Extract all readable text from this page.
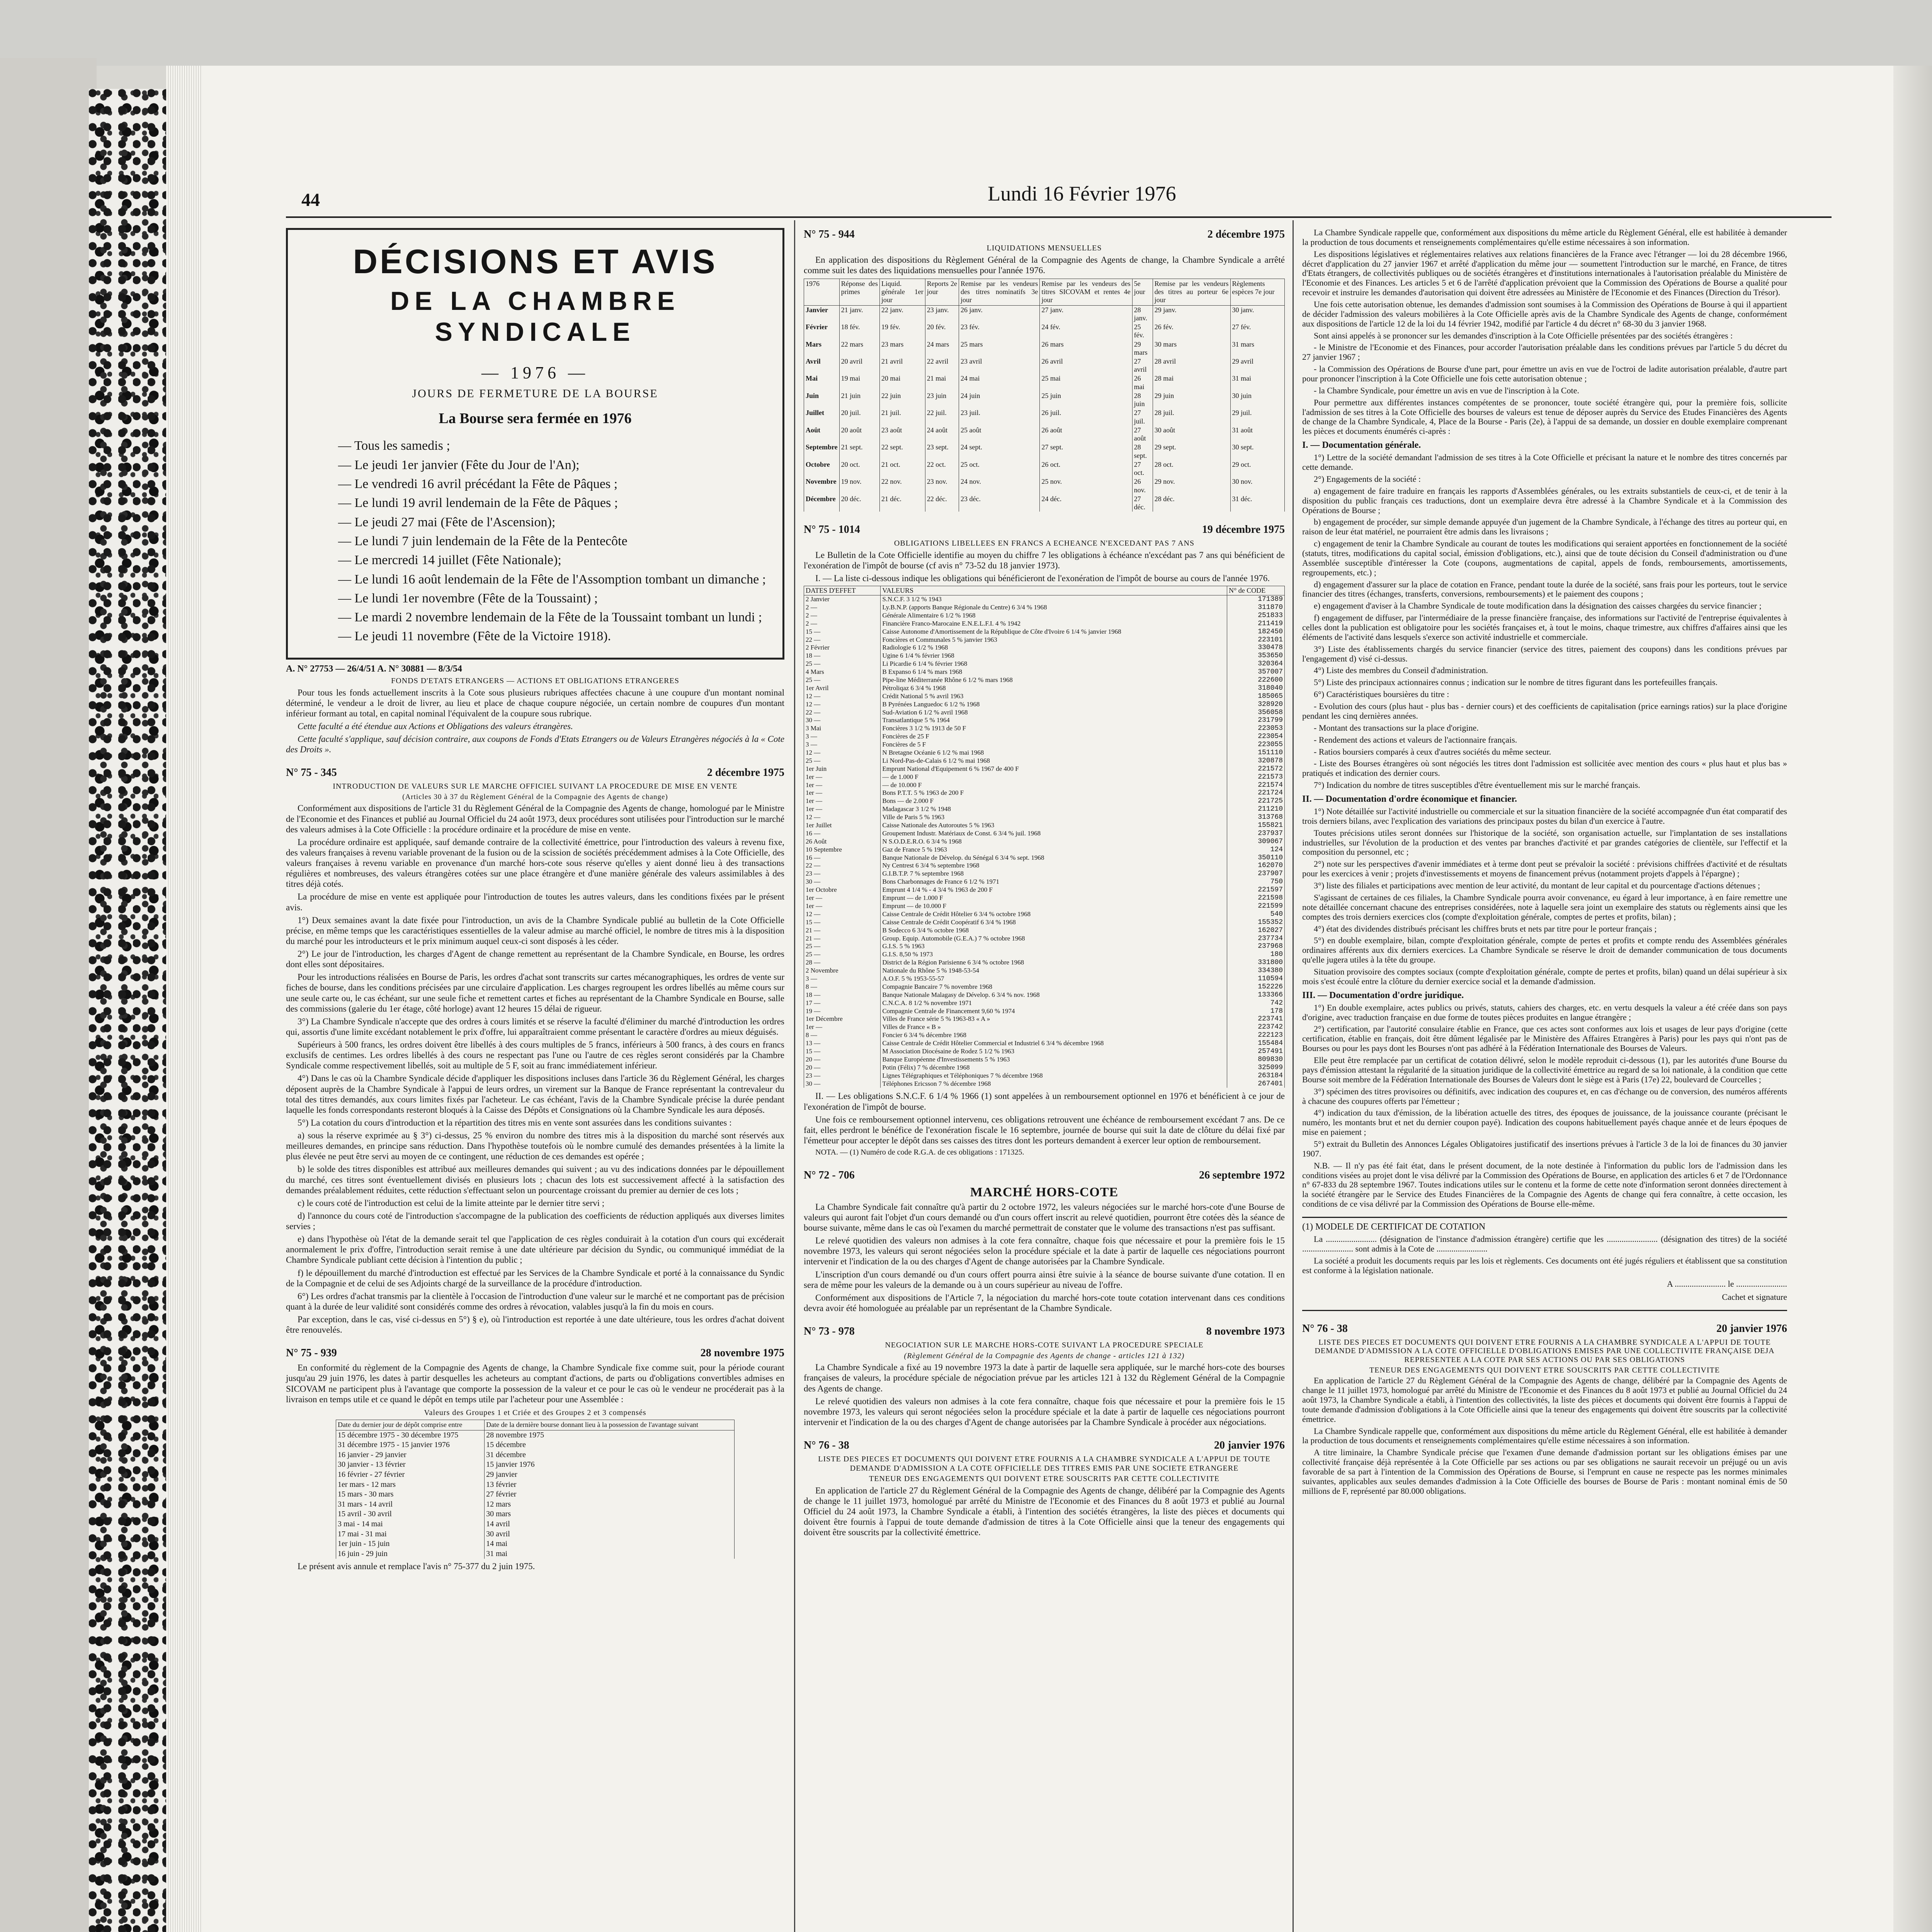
44	Lundi 16 Février 1976
DÉCISIONS ET AVIS
DE LA CHAMBRE SYNDICALE
— 1976 —
JOURS DE FERMETURE DE LA BOURSE
La Bourse sera fermée en 1976
— Tous les samedis ;
— Le jeudi 1er janvier (Fête du Jour de l'An);
— Le vendredi 16 avril précédant la Fête de Pâques ;
— Le lundi 19 avril lendemain de la Fête de Pâques ;
— Le jeudi 27 mai (Fête de l'Ascension);
— Le lundi 7 juin lendemain de la Fête de la Pentecôte
— Le mercredi 14 juillet (Fête Nationale);
— Le lundi 16 août lendemain de la Fête de l'Assomption tombant un dimanche ;
— Le lundi 1er novembre (Fête de la Toussaint) ;
— Le mardi 2 novembre lendemain de la Fête de la Toussaint tombant un lundi ;
— Le jeudi 11 novembre (Fête de la Victoire 1918).
A. N° 27753 — 26/4/51 A. N° 30881 — 8/3/54
FONDS D'ETATS ETRANGERS — ACTIONS ET OBLIGATIONS ETRANGERES

Pour tous les fonds actuellement inscrits à la Cote sous plusieurs rubriques affectées chacune à une coupure d'un montant nominal déterminé, le vendeur a le droit de livrer, au lieu et place de chaque coupure négociée, un certain nombre de coupures d'un montant inférieur formant au total, en capital nominal l'équivalent de la coupure sous rubrique.

Cette faculté a été étendue aux Actions et Obligations des valeurs étrangères.

Cette faculté s'applique, sauf décision contraire, aux coupons de Fonds d'Etats Etrangers ou de Valeurs Etrangères négociés à la « Cote des Droits ».

N° 75 - 345	2 décembre 1975
INTRODUCTION DE VALEURS SUR LE MARCHE OFFICIEL SUIVANT LA PROCEDURE DE MISE EN VENTE
(Articles 30 à 37 du Règlement Général de la Compagnie des Agents de change)

Conformément aux dispositions de l'article 31 du Règlement Général de la Compagnie des Agents de change, homologué par le Ministre de l'Economie et des Finances et publié au Journal Officiel du 24 août 1973, deux procédures sont utilisées pour l'introduction sur le marché des valeurs admises à la Cote Officielle : la procédure ordinaire et la procédure de mise en vente.

La procédure ordinaire est appliquée, sauf demande contraire de la collectivité émettrice, pour l'introduction des valeurs à revenu fixe, des valeurs françaises à revenu variable provenant de la fusion ou de la scission de sociétés précédemment admises à la Cote Officielle, des valeurs françaises à revenu variable en provenance d'un marché hors-cote sous réserve qu'elles y aient donné lieu à des transactions régulières et nombreuses, des valeurs étrangères cotées sur une place étrangère et d'une manière générale des valeurs assimilables à des titres déjà cotés.

La procédure de mise en vente est appliquée pour l'introduction de toutes les autres valeurs, dans les conditions fixées par le présent avis.

1°) Deux semaines avant la date fixée pour l'introduction, un avis de la Chambre Syndicale publié au bulletin de la Cote Officielle précise, en même temps que les caractéristiques essentielles de la valeur admise au marché officiel, le nombre de titres mis à la disposition du marché pour les introducteurs et le prix minimum auquel ceux-ci sont disposés à les céder.

2°) Le jour de l'introduction, les charges d'Agent de change remettent au représentant de la Chambre Syndicale, en Bourse, les ordres dont elles sont dépositaires.

Pour les introductions réalisées en Bourse de Paris, les ordres d'achat sont transcrits sur cartes mécanographiques, les ordres de vente sur fiches de bourse, dans les conditions précisées par une circulaire d'application. Les charges regroupent les ordres libellés au même cours sur une seule carte ou, le cas échéant, sur une seule fiche et remettent cartes et fiches au représentant de la Chambre Syndicale en Bourse, salle des commissions (galerie du 1er étage, côté horloge) avant 12 heures 15 délai de rigueur.

3°) La Chambre Syndicale n'accepte que des ordres à cours limités et se réserve la faculté d'éliminer du marché d'introduction les ordres qui, assortis d'une limite excédant notablement le prix d'offre, lui apparaîtraient comme présentant le caractère d'ordres au mieux déguisés.

Supérieurs à 500 francs, les ordres doivent être libellés à des cours multiples de 5 francs, inférieurs à 500 francs, à des cours en francs exclusifs de centimes. Les ordres libellés à des cours ne respectant pas l'une ou l'autre de ces règles seront considérés par la Chambre Syndicale comme respectivement libellés, soit au multiple de 5 F, soit au franc immédiatement inférieur.

4°) Dans le cas où la Chambre Syndicale décide d'appliquer les dispositions incluses dans l'article 36 du Règlement Général, les charges déposent auprès de la Chambre Syndicale à l'appui de leurs ordres, un virement sur la Banque de France représentant la contrevaleur du total des titres demandés, aux cours limites fixés par l'acheteur. Le cas échéant, l'avis de la Chambre Syndicale précise la durée pendant laquelle les fonds correspondants resteront bloqués à la Caisse des Dépôts et Consignations où la Chambre Syndicale les aura déposés.

5°) La cotation du cours d'introduction et la répartition des titres mis en vente sont assurées dans les conditions suivantes :

a) sous la réserve exprimée au § 3°) ci-dessus, 25 % environ du nombre des titres mis à la disposition du marché sont réservés aux meilleures demandes, en principe sans réduction. Dans l'hypothèse toutefois où le nombre cumulé des demandes présentées à la limite la plus élevée ne peut être servi au moyen de ce contingent, une réduction de ces demandes est opérée ;

b) le solde des titres disponibles est attribué aux meilleures demandes qui suivent ; au vu des indications données par le dépouillement du marché, ces titres sont éventuellement divisés en plusieurs lots ; chacun des lots est successivement affecté à la satisfaction des demandes préalablement réduites, cette réduction s'effectuant selon un pourcentage croissant du premier au dernier de ces lots ;

c) le cours coté de l'introduction est celui de la limite atteinte par le dernier titre servi ;

d) l'annonce du cours coté de l'introduction s'accompagne de la publication des coefficients de réduction appliqués aux diverses limites servies ;

e) dans l'hypothèse où l'état de la demande serait tel que l'application de ces règles conduirait à la cotation d'un cours qui excéderait anormalement le prix d'offre, l'introduction serait remise à une date ultérieure par décision du Syndic, ou communiqué immédiat de la Chambre Syndicale publiant cette décision à l'intention du public ;

f) le dépouillement du marché d'introduction est effectué par les Services de la Chambre Syndicale et porté à la connaissance du Syndic de la Compagnie et de celui de ses Adjoints chargé de la surveillance de la procédure d'introduction.

6°) Les ordres d'achat transmis par la clientèle à l'occasion de l'introduction d'une valeur sur le marché et ne comportant pas de précision quant à la durée de leur validité sont considérés comme des ordres à révocation, valables jusqu'à la fin du mois en cours.

Par exception, dans le cas, visé ci-dessus en 5°) § e), où l'introduction est reportée à une date ultérieure, tous les ordres d'achat doivent être renouvelés.

N° 75 - 939	28 novembre 1975

En conformité du règlement de la Compagnie des Agents de change, la Chambre Syndicale fixe comme suit, pour la période courant jusqu'au 29 juin 1976, les dates à partir desquelles les acheteurs au comptant d'actions, de parts ou d'obligations convertibles admises en SICOVAM ne participent plus à l'avantage que comporte la possession de la valeur et ce pour le cas où le vendeur ne procéderait pas à la livraison en temps utile et ce quand le dépôt en temps utile par l'acheteur pour une Assemblée :

Valeurs des Groupes 1 et Criée et des Groupes 2 et 3 compensés
Date du dernier jour de dépôt comprise entre	Date de la dernière bourse donnant lieu à la possession de l'avantage suivant
15 décembre 1975 - 30 décembre 1975	28 novembre 1975
31 décembre 1975 - 15 janvier 1976	15 décembre
16 janvier - 29 janvier	31 décembre
30 janvier - 13 février	15 janvier 1976
16 février - 27 février	29 janvier
1er mars - 12 mars	13 février
15 mars - 30 mars	27 février
31 mars - 14 avril	12 mars
15 avril - 30 avril	30 mars
3 mai - 14 mai	14 avril
17 mai - 31 mai	30 avril
1er juin - 15 juin	14 mai
16 juin - 29 juin	31 mai

Le présent avis annule et remplace l'avis n° 75-377 du 2 juin 1975.

N° 75 - 944	2 décembre 1975
LIQUIDATIONS MENSUELLES

En application des dispositions du Règlement Général de la Compagnie des Agents de change, la Chambre Syndicale a arrêté comme suit les dates des liquidations mensuelles pour l'année 1976.

1976	Réponse des primes	Liquid. générale 1er jour	Reports 2e jour	Remise par les vendeurs des titres nominatifs 3e jour	Remise par les vendeurs des titres SICOVAM et rentes 4e jour	5e jour	Remise par les vendeurs des titres au porteur 6e jour	Règlements espèces 7e jour
Janvier	21 janv.	22 janv.	23 janv.	26 janv.	27 janv.	28 janv.	29 janv.	30 janv.
Février	18 fév.	19 fév.	20 fév.	23 fév.	24 fév.	25 fév.	26 fév.	27 fév.
Mars	22 mars	23 mars	24 mars	25 mars	26 mars	29 mars	30 mars	31 mars
Avril	20 avril	21 avril	22 avril	23 avril	26 avril	27 avril	28 avril	29 avril
Mai	19 mai	20 mai	21 mai	24 mai	25 mai	26 mai	28 mai	31 mai
Juin	21 juin	22 juin	23 juin	24 juin	25 juin	28 juin	29 juin	30 juin
Juillet	20 juil.	21 juil.	22 juil.	23 juil.	26 juil.	27 juil.	28 juil.	29 juil.
Août	20 août	23 août	24 août	25 août	26 août	27 août	30 août	31 août
Septembre	21 sept.	22 sept.	23 sept.	24 sept.	27 sept.	28 sept.	29 sept.	30 sept.
Octobre	20 oct.	21 oct.	22 oct.	25 oct.	26 oct.	27 oct.	28 oct.	29 oct.
Novembre	19 nov.	22 nov.	23 nov.	24 nov.	25 nov.	26 nov.	29 nov.	30 nov.
Décembre	20 déc.	21 déc.	22 déc.	23 déc.	24 déc.	27 déc.	28 déc.	31 déc.
N° 75 - 1014	19 décembre 1975
OBLIGATIONS LIBELLEES EN FRANCS A ECHEANCE N'EXCEDANT PAS 7 ANS

Le Bulletin de la Cote Officielle identifie au moyen du chiffre 7 les obligations à échéance n'excédant pas 7 ans qui bénéficient de l'exonération de l'impôt de bourse (cf avis n° 73-52 du 18 janvier 1973).

I. — La liste ci-dessous indique les obligations qui bénéficieront de l'exonération de l'impôt de bourse au cours de l'année 1976.

DATES D'EFFET	VALEURS	N° de CODE
2 Janvier	S.N.C.F. 3 1/2 % 1943	171389
2 —	Ly.B.N.P. (apports Banque Régionale du Centre) 6 3/4 % 1968	311870
2 —	Générale Alimentaire 6 1/2 % 1968	251833
2 —	Financière Franco-Marocaine E.N.E.L.F.I. 4 % 1942	211419
15 —	Caisse Autonome d'Amortissement de la République de Côte d'Ivoire 6 1/4 % janvier 1968	182450
22 —	Foncières et Communales 5 % janvier 1963	223101
2 Février	Radiologie 6 1/2 % 1968	330478
18 —	Ugine 6 1/4 % février 1968	353650
25 —	Li Picardie 6 1/4 % février 1968	320364
4 Mars	B Expanso 6 1/4 % mars 1968	357007
25 —	Pipe-line Méditerranée Rhône 6 1/2 % mars 1968	222600
1er Avril	Pétroliqaz 6 3/4 % 1968	318040
12 —	Crédit National 5 % avril 1963	185065
12 —	B Pyrénées Languedoc 6 1/2 % 1968	328920
22 —	Sud-Aviation 6 1/2 % avril 1968	356058
30 —	Transatlantique 5 % 1964	231799
3 Mai	Foncières 3 1/2 % 1913 de 50 F	223053
3 —	Foncières de 25 F	223054
3 —	Foncières de 5 F	223055
12 —	N Bretagne Océanie 6 1/2 % mai 1968	151110
25 —	Li Nord-Pas-de-Calais 6 1/2 % mai 1968	320878
1er Juin	Emprunt National d'Equipement 6 % 1967 de 400 F	221572
1er —	— de 1.000 F	221573
1er —	— de 10.000 F	221574
1er —	Bons P.T.T. 5 % 1963 de 200 F	221724
1er —	Bons — de 2.000 F	221725
1er —	Madagascar 3 1/2 % 1948	211210
12 —	Ville de Paris 5 % 1963	313768
1er Juillet	Caisse Nationale des Autoroutes 5 % 1963	155821
16 —	Groupement Industr. Matériaux de Const. 6 3/4 % juil. 1968	237937
26 Août	N S.O.D.E.R.O. 6 3/4 % 1968	309067
10 Septembre	Gaz de France 5 % 1963	124
16 —	Banque Nationale de Dévelop. du Sénégal 6 3/4 % sept. 1968	350110
22 —	Ny Centrest 6 3/4 % septembre 1968	162070
23 —	G.I.B.T.P. 7 % septembre 1968	237907
30 —	Bons Charbonnages de France 6 1/2 % 1971	750
1er Octobre	Emprunt 4 1/4 % - 4 3/4 % 1963 de 200 F	221597
1er —	Emprunt — de 1.000 F	221598
1er —	Emprunt — de 10.000 F	221599
12 —	Caisse Centrale de Crédit Hôtelier 6 3/4 % octobre 1968	540
15 —	Caisse Centrale de Crédit Coopératif 6 3/4 % 1968	155352
21 —	B Sodecco 6 3/4 % octobre 1968	162027
21 —	Group. Equip. Automobile (G.E.A.) 7 % octobre 1968	237734
25 —	G.I.S. 5 % 1963	237968
25 —	G.I.S. 8,50 % 1973	180
28 —	District de la Région Parisienne 6 3/4 % octobre 1968	331800
2 Novembre	Nationale du Rhône 5 % 1948-53-54	334380
3 —	A.O.F. 5 % 1953-55-57	110594
8 —	Compagnie Bancaire 7 % novembre 1968	152226
18 —	Banque Nationale Malagasy de Dévelop. 6 3/4 % nov. 1968	133366
17 —	C.N.C.A. 8 1/2 % novembre 1971	742
19 —	Compagnie Centrale de Financement 9,60 % 1974	178
1er Décembre	Villes de France série 5 % 1963-83 « A »	223741
1er —	Villes de France « B »	223742
8 —	Foncier 6 3/4 % décembre 1968	222123
13 —	Caisse Centrale de Crédit Hôtelier Commercial et Industriel 6 3/4 % décembre 1968	155484
15 —	M Association Diocésaine de Rodez 5 1/2 % 1963	257491
20 —	Banque Européenne d'Investissements 5 % 1963	809830
20 —	Potin (Félix) 7 % décembre 1968	325099
23 —	Lignes Télégraphiques et Téléphoniques 7 % décembre 1968	263184
30 —	Téléphones Ericsson 7 % décembre 1968	267401

II. — Les obligations S.N.C.F. 6 1/4 % 1966 (1) sont appelées à un remboursement optionnel en 1976 et bénéficient à ce jour de l'exonération de l'impôt de bourse.

Une fois ce remboursement optionnel intervenu, ces obligations retrouvent une échéance de remboursement excédant 7 ans. De ce fait, elles perdront le bénéfice de l'exonération fiscale le 16 septembre, journée de bourse qui suit la date de clôture du délai fixé par l'émetteur pour accepter le dépôt dans ses caisses des titres dont les porteurs demandent à exercer leur option de remboursement.

NOTA. — (1) Numéro de code R.G.A. de ces obligations : 171325.

N° 72 - 706	26 septembre 1972
MARCHÉ HORS-COTE

La Chambre Syndicale fait connaître qu'à partir du 2 octobre 1972, les valeurs négociées sur le marché hors-cote d'une Bourse de valeurs qui auront fait l'objet d'un cours demandé ou d'un cours offert inscrit au relevé quotidien, pourront être cotées dès la séance de bourse suivante, même dans le cas où l'examen du marché permettrait de constater que le volume des transactions n'est pas suffisant.

Le relevé quotidien des valeurs non admises à la cote fera connaître, chaque fois que nécessaire et pour la première fois le 15 novembre 1973, les valeurs qui seront négociées selon la procédure spéciale et la date à partir de laquelle ces négociations pourront intervenir et l'indication de la ou des charges d'Agent de change autorisées par la Chambre Syndicale.

L'inscription d'un cours demandé ou d'un cours offert pourra ainsi être suivie à la séance de bourse suivante d'une cotation. Il en sera de même pour les valeurs de la demande ou à un cours supérieur au niveau de l'offre.

Conformément aux dispositions de l'Article 7, la négociation du marché hors-cote toute cotation intervenant dans ces conditions devra avoir été homologuée au préalable par un représentant de la Chambre Syndicale.

N° 73 - 978	8 novembre 1973
NEGOCIATION SUR LE MARCHE HORS-COTE SUIVANT LA PROCEDURE SPECIALE
(Règlement Général de la Compagnie des Agents de change - articles 121 à 132)

La Chambre Syndicale a fixé au 19 novembre 1973 la date à partir de laquelle sera appliquée, sur le marché hors-cote des bourses françaises de valeurs, la procédure spéciale de négociation prévue par les articles 121 à 132 du Règlement Général de la Compagnie des Agents de change.

Le relevé quotidien des valeurs non admises à la cote fera connaître, chaque fois que nécessaire et pour la première fois le 15 novembre 1973, les valeurs qui seront négociées selon la procédure spéciale et la date à partir de laquelle ces négociations pourront intervenir et l'indication de la ou des charges d'Agent de change autorisées par la Chambre Syndicale à procéder aux négociations.

N° 76 - 38	20 janvier 1976
LISTE DES PIECES ET DOCUMENTS QUI DOIVENT ETRE FOURNIS A LA CHAMBRE SYNDICALE A L'APPUI DE TOUTE DEMANDE D'ADMISSION A LA COTE OFFICIELLE DES TITRES EMIS PAR UNE SOCIETE ETRANGERE
TENEUR DES ENGAGEMENTS QUI DOIVENT ETRE SOUSCRITS PAR CETTE COLLECTIVITE

En application de l'article 27 du Règlement Général de la Compagnie des Agents de change, délibéré par la Compagnie des Agents de change le 11 juillet 1973, homologué par arrêté du Ministre de l'Economie et des Finances du 8 août 1973 et publié au Journal Officiel du 24 août 1973, la Chambre Syndicale a établi, à l'intention des sociétés étrangères, la liste des pièces et documents qui doivent être fournis à l'appui de toute demande d'admission de titres à la Cote Officielle ainsi que la teneur des engagements qui doivent être souscrits par la collectivité émettrice.

La Chambre Syndicale rappelle que, conformément aux dispositions du même article du Règlement Général, elle est habilitée à demander la production de tous documents et renseignements complémentaires qu'elle estime nécessaires à son information.

Les dispositions législatives et réglementaires relatives aux relations financières de la France avec l'étranger — loi du 28 décembre 1966, décret d'application du 27 janvier 1967 et arrêté d'application du même jour — soumettent l'introduction sur le marché, en France, de titres d'Etats étrangers, de collectivités publiques ou de sociétés étrangères et d'institutions internationales à l'autorisation préalable du Ministère de l'Economie et des Finances. Les articles 5 et 6 de l'arrêté d'application prévoient que la Commission des Opérations de Bourse a qualité pour recevoir et instruire les demandes d'autorisation qui doivent être adressées au Ministère de l'Economie et des Finances (Direction du Trésor).

Une fois cette autorisation obtenue, les demandes d'admission sont soumises à la Commission des Opérations de Bourse à qui il appartient de décider l'admission des valeurs mobilières à la Cote Officielle après avis de la Chambre Syndicale des Agents de change, conformément aux dispositions de l'article 12 de la loi du 14 février 1942, modifié par l'article 4 du décret n° 68-30 du 3 janvier 1968.

Sont ainsi appelés à se prononcer sur les demandes d'inscription à la Cote Officielle présentées par des sociétés étrangères :

- le Ministre de l'Economie et des Finances, pour accorder l'autorisation préalable dans les conditions prévues par l'article 5 du décret du 27 janvier 1967 ;

- la Commission des Opérations de Bourse d'une part, pour émettre un avis en vue de l'octroi de ladite autorisation préalable, d'autre part pour prononcer l'inscription à la Cote Officielle une fois cette autorisation obtenue ;

- la Chambre Syndicale, pour émettre un avis en vue de l'inscription à la Cote.

Pour permettre aux différentes instances compétentes de se prononcer, toute société étrangère qui, pour la première fois, sollicite l'admission de ses titres à la Cote Officielle des bourses de valeurs est tenue de déposer auprès du Service des Etudes Financières des Agents de change de la Chambre Syndicale, 4, Place de la Bourse - Paris (2e), à l'appui de sa demande, un dossier en double exemplaire comprenant les pièces et documents énumérés ci-après :

I. — Documentation générale.

1°) Lettre de la société demandant l'admission de ses titres à la Cote Officielle et précisant la nature et le nombre des titres concernés par cette demande.

2°) Engagements de la société :

a) engagement de faire traduire en français les rapports d'Assemblées générales, ou les extraits substantiels de ceux-ci, et de tenir à la disposition du public français ces traductions, dont un exemplaire devra être adressé à la Chambre Syndicale et à la Commission des Opérations de Bourse ;

b) engagement de procéder, sur simple demande appuyée d'un jugement de la Chambre Syndicale, à l'échange des titres au porteur qui, en raison de leur état matériel, ne pourraient être admis dans les livraisons ;

c) engagement de tenir la Chambre Syndicale au courant de toutes les modifications qui seraient apportées en fonctionnement de la société (statuts, titres, modifications du capital social, émission d'obligations, etc.), ainsi que de toute décision du Conseil d'administration ou d'une Assemblée susceptible d'intéresser la Cote (coupons, augmentations de capital, appels de fonds, remboursements, amortissements, regroupements, etc.) ;

d) engagement d'assurer sur la place de cotation en France, pendant toute la durée de la société, sans frais pour les porteurs, tout le service financier des titres (échanges, transferts, conversions, remboursements) et le paiement des coupons ;

e) engagement d'aviser à la Chambre Syndicale de toute modification dans la désignation des caisses chargées du service financier ;

f) engagement de diffuser, par l'intermédiaire de la presse financière française, des informations sur l'activité de l'entreprise équivalentes à celles dont la publication est obligatoire pour les sociétés françaises et, à tout le moins, chaque trimestre, aux chiffres d'affaires ainsi que les éléments de l'activité dans lesquels s'exerce son activité industrielle et commerciale.

3°) Liste des établissements chargés du service financier (service des titres, paiement des coupons) dans les conditions prévues par l'engagement d) visé ci-dessus.

4°) Liste des membres du Conseil d'administration.

5°) Liste des principaux actionnaires connus ; indication sur le nombre de titres figurant dans les portefeuilles français.

6°) Caractéristiques boursières du titre :

- Evolution des cours (plus haut - plus bas - dernier cours) et des coefficients de capitalisation (price earnings ratios) sur la place d'origine pendant les cinq dernières années.

- Montant des transactions sur la place d'origine.

- Rendement des actions et valeurs de l'actionnaire français.

- Ratios boursiers comparés à ceux d'autres sociétés du même secteur.

- Liste des Bourses étrangères où sont négociés les titres dont l'admission est sollicitée avec mention des cours « plus haut et plus bas » pratiqués et indication des dernier cours.

7°) Indication du nombre de titres susceptibles d'être éventuellement mis sur le marché français.

II. — Documentation d'ordre économique et financier.

1°) Note détaillée sur l'activité industrielle ou commerciale et sur la situation financière de la société accompagnée d'un état comparatif des trois derniers bilans, avec l'explication des variations des principaux postes du bilan d'un exercice à l'autre.

Toutes précisions utiles seront données sur l'historique de la société, son organisation actuelle, sur l'implantation de ses installations industrielles, sur l'évolution de la production et des ventes par branches d'activité et par grandes catégories de clientèle, sur l'effectif et la composition du personnel, etc ;

2°) note sur les perspectives d'avenir immédiates et à terme dont peut se prévaloir la société : prévisions chiffrées d'activité et de résultats pour les exercices à venir ; projets d'investissements et moyens de financement prévus (notamment projets d'appels à l'épargne) ;

3°) liste des filiales et participations avec mention de leur activité, du montant de leur capital et du pourcentage d'actions détenues ;

S'agissant de certaines de ces filiales, la Chambre Syndicale pourra avoir convenance, eu égard à leur importance, à en faire remettre une note détaillée concernant chacune des entreprises considérées, note à laquelle sera joint un exemplaire des statuts ou règlements ainsi que les comptes des trois derniers exercices clos (compte d'exploitation générale, comptes de pertes et profits, bilan) ;

4°) état des dividendes distribués précisant les chiffres bruts et nets par titre pour le porteur français ;

5°) en double exemplaire, bilan, compte d'exploitation générale, compte de pertes et profits et compte rendu des Assemblées générales ordinaires afférents aux dix derniers exercices. La Chambre Syndicale se réserve le droit de demander communication de tous documents qu'elle jugera utiles à la tête du groupe.

Situation provisoire des comptes sociaux (compte d'exploitation générale, compte de pertes et profits, bilan) quand un délai supérieur à six mois s'est écoulé entre la clôture du dernier exercice social et la demande d'admission.

III. — Documentation d'ordre juridique.

1°) En double exemplaire, actes publics ou privés, statuts, cahiers des charges, etc. en vertu desquels la valeur a été créée dans son pays d'origine, avec traduction française en due forme de toutes pièces produites en langue étrangère ;

2°) certification, par l'autorité consulaire établie en France, que ces actes sont conformes aux lois et usages de leur pays d'origine (cette certification, établie en français, doit être dûment légalisée par le Ministère des Affaires Etrangères à Paris) pour les pays qui n'ont pas de Bourses ou pour les pays dont les Bourses n'ont pas adhéré à la Fédération Internationale des Bourses de Valeurs.

Elle peut être remplacée par un certificat de cotation délivré, selon le modèle reproduit ci-dessous (1), par les autorités d'une Bourse du pays d'émission attestant la régularité de la situation juridique de la collectivité émettrice au regard de sa loi nationale, à la condition que cette Bourse soit membre de la Fédération Internationale des Bourses de Valeurs dont le siège est à Paris (17e) 22, boulevard de Courcelles ;

3°) spécimen des titres provisoires ou définitifs, avec indication des coupures et, en cas d'échange ou de conversion, des numéros afférents à chacune des coupures offerts par l'émetteur ;

4°) indication du taux d'émission, de la libération actuelle des titres, des époques de jouissance, de la jouissance courante (précisant le numéro, les montants brut et net du dernier coupon payé). Indication des coupons habituellement payés chaque année et de leurs époques de mise en paiement ;

5°) extrait du Bulletin des Annonces Légales Obligatoires justificatif des insertions prévues à l'article 3 de la loi de finances du 30 janvier 1907.

N.B. — Il n'y pas été fait état, dans le présent document, de la note destinée à l'information du public lors de l'admission dans les conditions visées au projet dont le visa délivré par la Commission des Opérations de Bourse, en application des articles 6 et 7 de l'Ordonnance n° 67-833 du 28 septembre 1967. Toutes indications utiles sur le contenu et la forme de cette note d'information seront données directement à la société étrangère par le Service des Etudes Financières de la Compagnie des Agents de change qui fera connaître, à cette occasion, les conditions de ce visa délivré par la Commission des Opérations de Bourse elle-même.

(1) MODELE DE CERTIFICAT DE COTATION

La ........................ (désignation de l'instance d'admission étrangère) certifie que les ........................ (désignation des titres) de la société ........................ sont admis à la Cote de ........................

La société a produit les documents requis par les lois et règlements. Ces documents ont été jugés réguliers et établissent que sa constitution est conforme à la législation nationale.

A ........................ le ........................
Cachet et signature
N° 76 - 38	20 janvier 1976
LISTE DES PIECES ET DOCUMENTS QUI DOIVENT ETRE FOURNIS A LA CHAMBRE SYNDICALE A L'APPUI DE TOUTE DEMANDE D'ADMISSION A LA COTE OFFICIELLE D'OBLIGATIONS EMISES PAR UNE COLLECTIVITE FRANÇAISE DEJA REPRESENTEE A LA COTE PAR SES ACTIONS OU PAR SES OBLIGATIONS
TENEUR DES ENGAGEMENTS QUI DOIVENT ETRE SOUSCRITS PAR CETTE COLLECTIVITE

En application de l'article 27 du Règlement Général de la Compagnie des Agents de change, délibéré par la Compagnie des Agents de change le 11 juillet 1973, homologué par arrêté du Ministre de l'Economie et des Finances du 8 août 1973 et publié au Journal Officiel du 24 août 1973, la Chambre Syndicale a établi, à l'intention des collectivités, la liste des pièces et documents qui doivent être fournis à l'appui de toute demande d'admission d'obligations à la Cote Officielle ainsi que la teneur des engagements qui doivent être souscrits par la collectivité émettrice.

La Chambre Syndicale rappelle que, conformément aux dispositions du même article du Règlement Général, elle est habilitée à demander la production de tous documents et renseignements complémentaires qu'elle estime nécessaires à son information.

A titre liminaire, la Chambre Syndicale précise que l'examen d'une demande d'admission portant sur les obligations émises par une collectivité française déjà représentée à la Cote Officielle par ses actions ou par ses obligations ne saurait recevoir un préjugé ou un avis favorable de sa part à l'intention de la Commission des Opérations de Bourse, si l'emprunt en cause ne respecte pas les normes minimales suivantes, applicables aux seules demandes d'admission à la Cote Officielle des bourses de Bourse de Paris : montant nominal émis de 50 millions de F, représenté par 80.000 obligations.
